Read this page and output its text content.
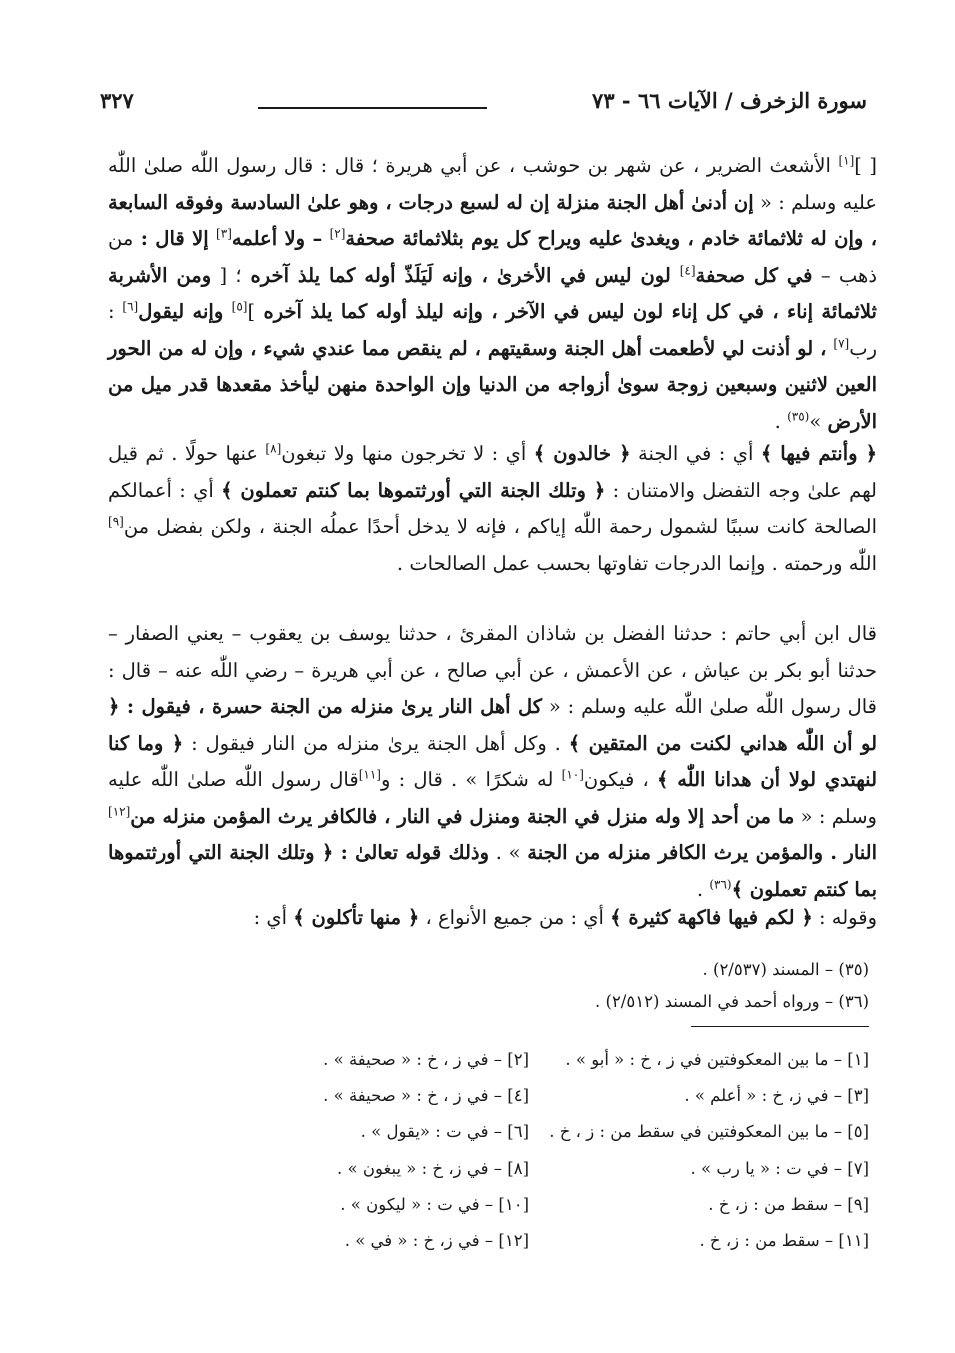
سورة الزخرف / الآيات ٦٦ - ٧٣
٣٢٧

[ ][١] الأشعث الضرير ، عن شهر بن حوشب ، عن أبي هريرة ؛ قال : قال رسول اللّٰه صلىٰ اللّٰه عليه وسلم : « إن أدنىٰ أهل الجنة منزلة إن له لسبع درجات ، وهو علىٰ السادسة وفوقه السابعة ، وإن له ثلاثمائة خادم ، ويغدىٰ عليه ويراح كل يوم بثلاثمائة صحفة[٢] – ولا أعلمه[٣] إلا قال : من ذهب – في كل صحفة[٤] لون ليس في الأخرىٰ ، وإنه لَيَلَذّ أوله كما يلذ آخره ؛ [ ومن الأشربة ثلاثمائة إناء ، في كل إناء لون ليس في الآخر ، وإنه ليلذ أوله كما يلذ آخره ][٥] وإنه ليقول[٦] : رب[٧] ، لو أذنت لي لأطعمت أهل الجنة وسقيتهم ، لم ينقص مما عندي شيء ، وإن له من الحور العين لاثنين وسبعين زوجة سوىٰ أزواجه من الدنيا وإن الواحدة منهن ليأخذ مقعدها قدر ميل من الأرض »$^{(٣٥)}$ .

﴿ وأنتم فيها ﴾ أي : في الجنة ﴿ خالدون ﴾ أي : لا تخرجون منها ولا تبغون[٨] عنها حولًا . ثم قيل لهم علىٰ وجه التفضل والامتنان : ﴿ وتلك الجنة التي أورثتموها بما كنتم تعملون ﴾ أي : أعمالكم الصالحة كانت سببًا لشمول رحمة اللّٰه إياكم ، فإنه لا يدخل أحدًا عملُه الجنة ، ولكن بفضل من[٩] اللّٰه ورحمته . وإنما الدرجات تفاوتها بحسب عمل الصالحات .

قال ابن أبي حاتم : حدثنا الفضل بن شاذان المقرئ ، حدثنا يوسف بن يعقوب – يعني الصفار – حدثنا أبو بكر بن عياش ، عن الأعمش ، عن أبي صالح ، عن أبي هريرة – رضي اللّٰه عنه – قال : قال رسول اللّٰه صلىٰ اللّٰه عليه وسلم : « كل أهل النار يرىٰ منزله من الجنة حسرة ، فيقول : ﴿ لو أن اللّٰه هداني لكنت من المتقين ﴾ . وكل أهل الجنة يرىٰ منزله من النار فيقول : ﴿ وما كنا لنهتدي لولا أن هدانا اللّٰه ﴾ ، فيكون[١٠] له شكرًا » . قال : و[١١]قال رسول اللّٰه صلىٰ اللّٰه عليه وسلم : « ما من أحد إلا وله منزل في الجنة ومنزل في النار ، فالكافر يرث المؤمن منزله من[١٢] النار . والمؤمن يرث الكافر منزله من الجنة » . وذلك قوله تعالىٰ : ﴿ وتلك الجنة التي أورثتموها بما كنتم تعملون ﴾$^{(٣٦)}$ .

وقوله : ﴿ لكم فيها فاكهة كثيرة ﴾ أي : من جميع الأنواع ، ﴿ منها تأكلون ﴾ أي :

(٣٥) – المسند (٢/٥٣٧) .
(٣٦) – ورواه أحمد في المسند (٢/٥١٢) .
[١] – ما بين المعكوفتين في ز ، خ : « أبو » .
[٢] – في ز ، خ : « صحيفة » .
[٣] – في ز، خ : « أعلم » .
[٤] – في ز ، خ : « صحيفة » .
[٥] – ما بين المعكوفتين في سقط من : ز ، خ .
[٦] – في ت : «يقول » .
[٧] – في ت : « يا رب » .
[٨] – في ز، خ : « يبغون » .
[٩] – سقط من : ز، خ .
[١٠] – في ت : « ليكون » .
[١١] – سقط من : ز، خ .
[١٢] – في ز، خ : « في » .
